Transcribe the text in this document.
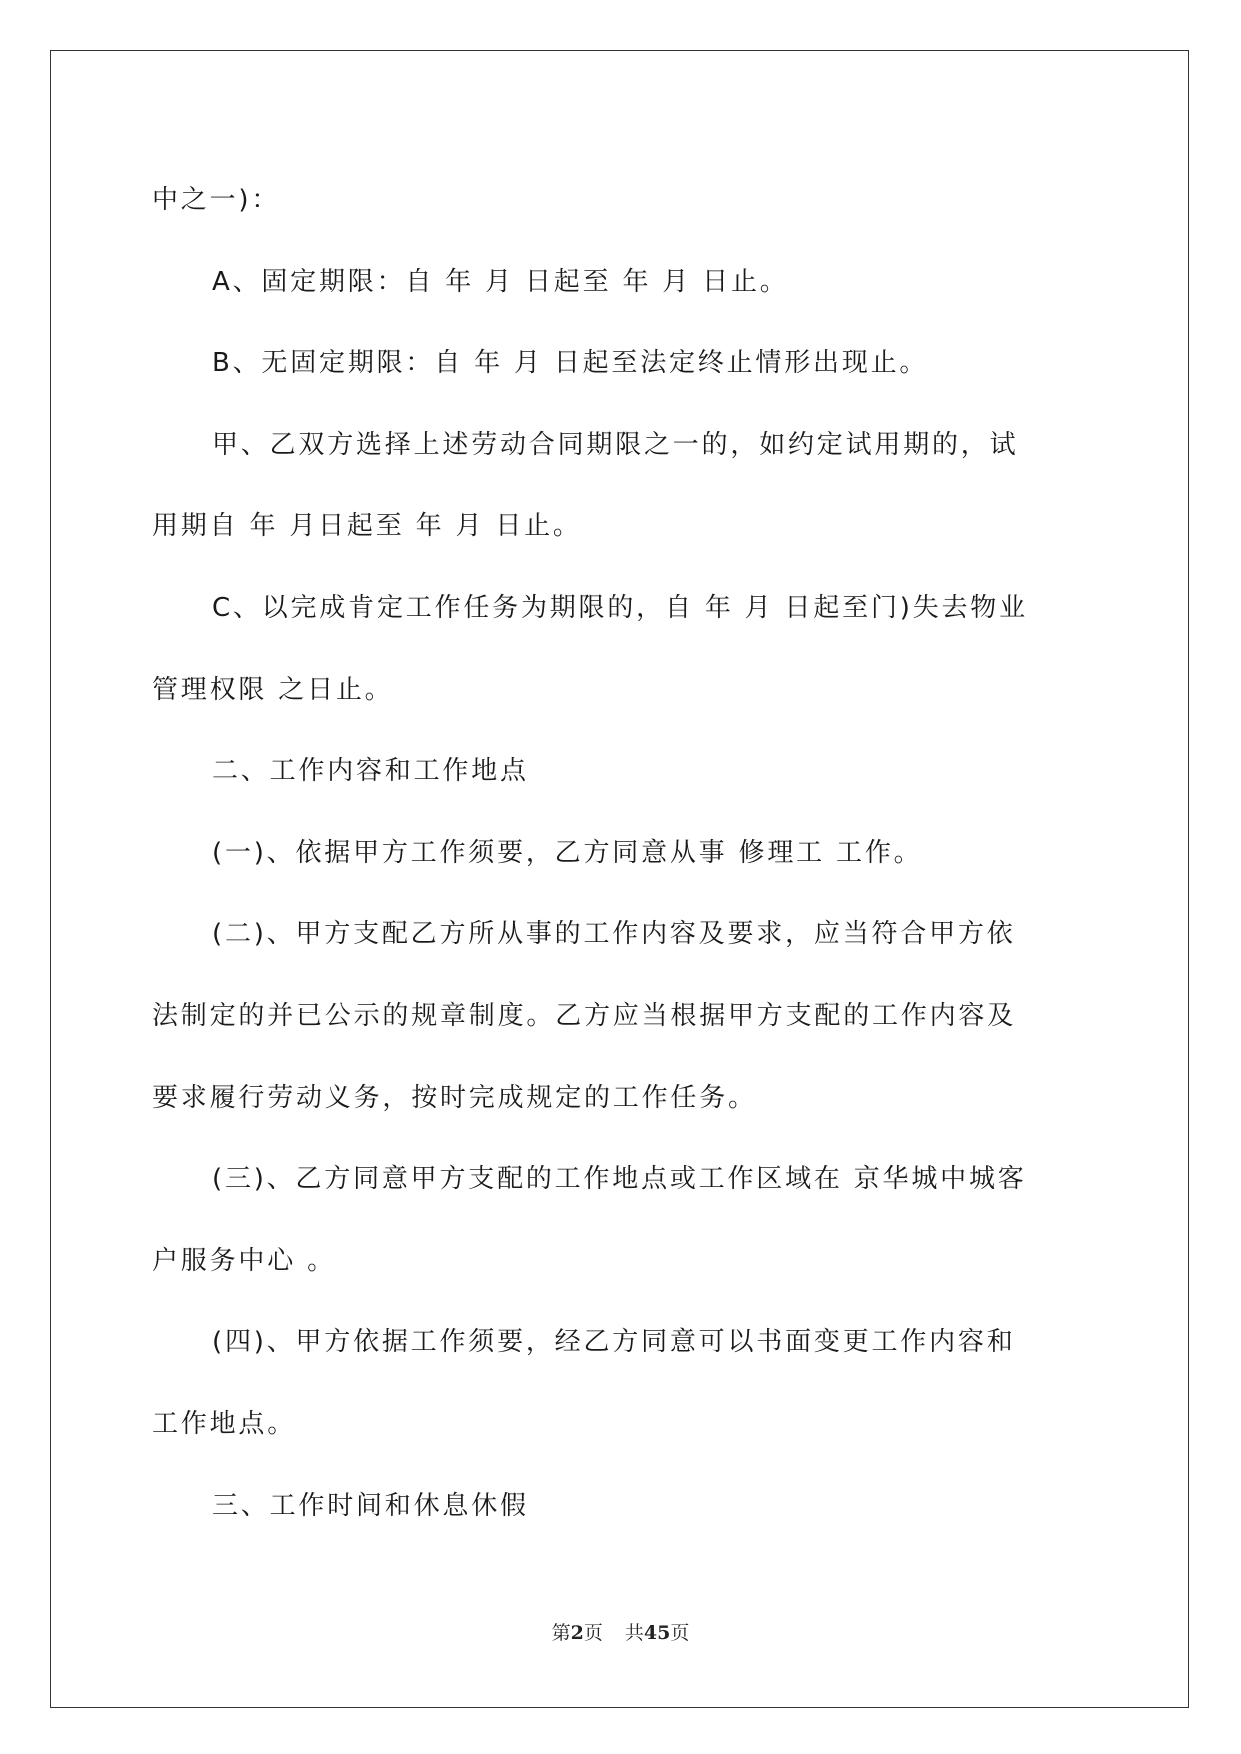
中之一)：

A、固定期限：自 年 月 日起至 年 月 日止。

B、无固定期限：自 年 月 日起至法定终止情形出现止。

甲、乙双方选择上述劳动合同期限之一的，如约定试用期的，试

用期自 年 月日起至 年 月 日止。

C、以完成肯定工作任务为期限的，自 年 月 日起至门)失去物业

管理权限 之日止。

二、工作内容和工作地点

(一)、依据甲方工作须要，乙方同意从事 修理工 工作。

(二)、甲方支配乙方所从事的工作内容及要求，应当符合甲方依

法制定的并已公示的规章制度。乙方应当根据甲方支配的工作内容及

要求履行劳动义务，按时完成规定的工作任务。

(三)、乙方同意甲方支配的工作地点或工作区域在 京华城中城客

户服务中心 。

(四)、甲方依据工作须要，经乙方同意可以书面变更工作内容和

工作地点。

三、工作时间和休息休假

第2页 共45页
